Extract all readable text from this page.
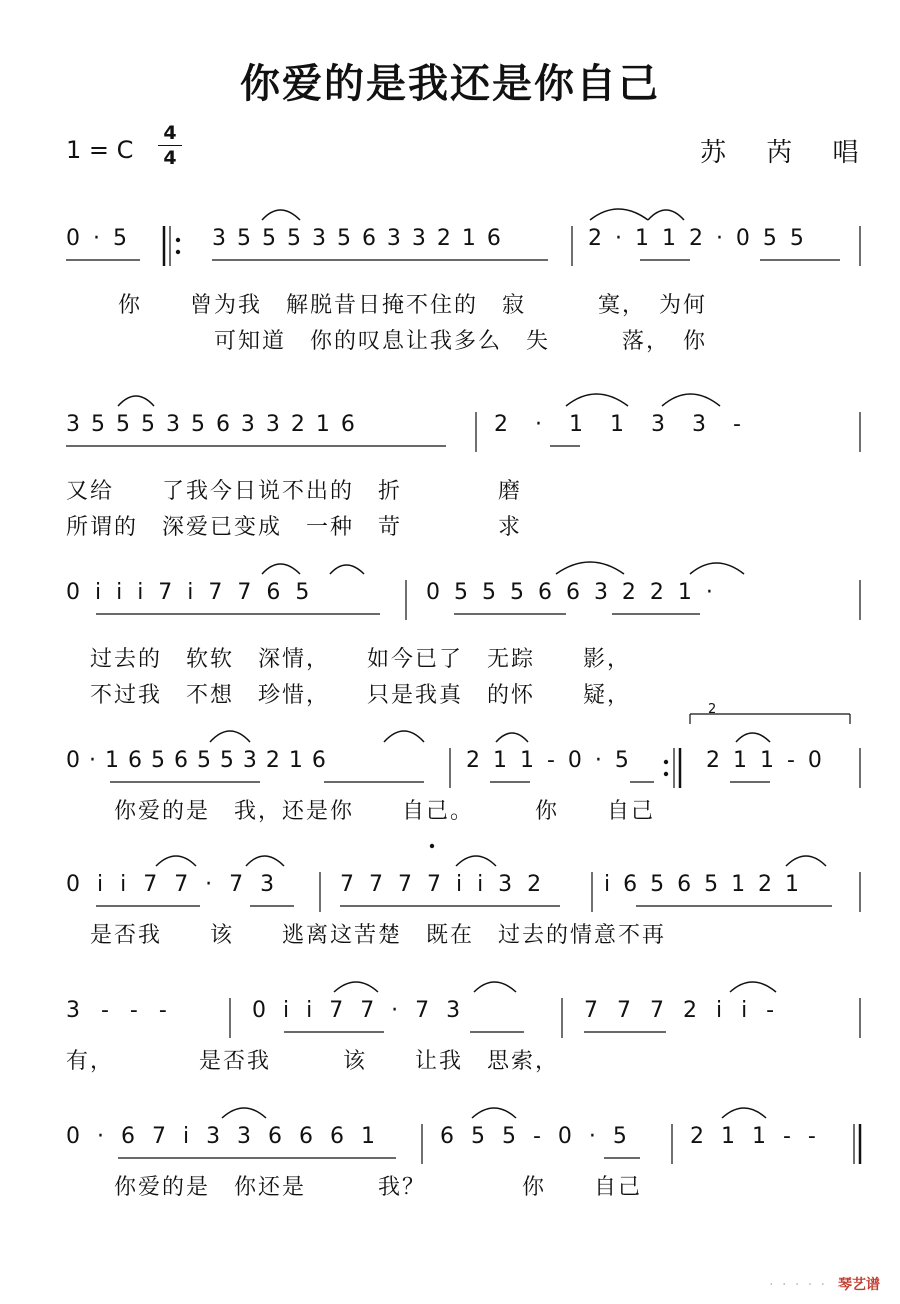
你爱的是我还是你自己
1 = C
4
4	苏 芮 唱
0 · 5	3 5 5 5 3 5 6 3 3 2 1 6	2 · 1 1 2 · 0 5 5
你　　曾为我　解脱昔日掩不住的　寂　　　寞，　为何
　　　　可知道　你的叹息让我多么　失　　　落，　你
3 5 5 5 3 5 6 3 3 2 1 6	2 · 1 1 3 3 -
又给　　了我今日说不出的　折　　　　磨
所谓的　深爱已变成　一种　苛　　　　求
0 i i i 7 i 7 7 6 5	0 5 5 5 6 6 3 2 2 1 ·
　过去的　软软　深情，　　如今已了　无踪　　影，
　不过我　不想　珍惜，　　只是我真　的怀　　疑，
0 · 1 6 5 6 5 5 3 2 1 6	2 1 1 - 0 · 5	2 1 1 - 0
2
　　你爱的是　我，还是你　　自己。　　　你　　自己
0 i i 7 7 · 7 3	7 7 7 7 i i 3 2	i 6 5 6 5 1 2 1
是否我　　该　　逃离这苦楚　既在　过去的情意不再
3 - - -	0 i i 7 7 · 7 3	7 7 7 2 i i -
有，　　　　是否我　　　该　　让我　思索，
0 · 6 7 i 3 3 6 6 6 1	6 5 5 - 0 · 5	2 1 1 - -
　你爱的是　你还是　　　我？　　　　你　　自己
· · · · · 琴艺谱
